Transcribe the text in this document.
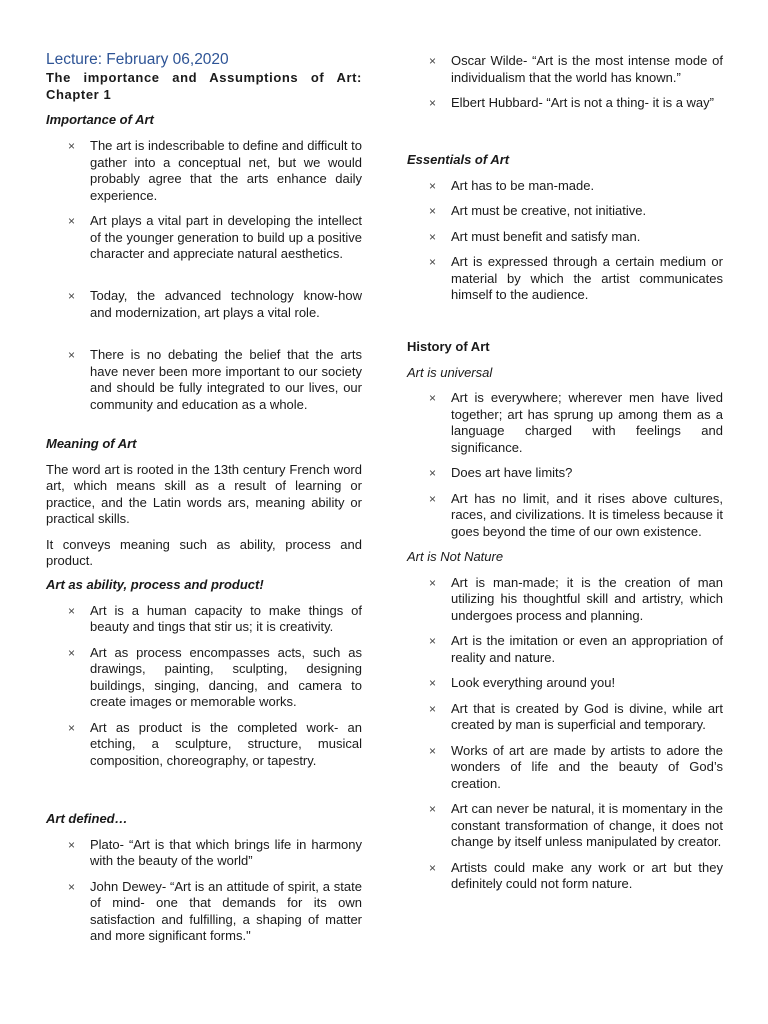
Lecture: February 06,2020

The importance and Assumptions of Art: Chapter 1

Importance of Art
× The art is indescribable to define and difficult to gather into a conceptual net, but we would probably agree that the arts enhance daily experience.
× Art plays a vital part in developing the intellect of the younger generation to build up a positive character and appreciate natural aesthetics.
× Today, the advanced technology know-how and modernization, art plays a vital role.
× There is no debating the belief that the arts have never been more important to our society and should be fully integrated to our lives, our community and education as a whole.
Meaning of Art

The word art is rooted in the 13th century French word art, which means skill as a result of learning or practice, and the Latin words ars, meaning ability or practical skills.

It conveys meaning such as ability, process and product.

Art as ability, process and product!
× Art is a human capacity to make things of beauty and tings that stir us; it is creativity.
× Art as process encompasses acts, such as drawings, painting, sculpting, designing buildings, singing, dancing, and camera to create images or memorable works.
× Art as product is the completed work- an etching, a sculpture, structure, musical composition, choreography, or tapestry.
Art defined…
× Plato- “Art is that which brings life in harmony with the beauty of the world”
× John Dewey- “Art is an attitude of spirit, a state of mind- one that demands for its own satisfaction and fulfilling, a shaping of matter and more significant forms."
× Oscar Wilde- “Art is the most intense mode of individualism that the world has known.”
× Elbert Hubbard- “Art is not a thing- it is a way”
Essentials of Art
× Art has to be man-made.
× Art must be creative, not initiative.
× Art must benefit and satisfy man.
× Art is expressed through a certain medium or material by which the artist communicates himself to the audience.
History of Art
Art is universal
× Art is everywhere; wherever men have lived together; art has sprung up among them as a language charged with feelings and significance.
× Does art have limits?
× Art has no limit, and it rises above cultures, races, and civilizations. It is timeless because it goes beyond the time of our own existence.
Art is Not Nature
× Art is man-made; it is the creation of man utilizing his thoughtful skill and artistry, which undergoes process and planning.
× Art is the imitation or even an appropriation of reality and nature.
× Look everything around you!
× Art that is created by God is divine, while art created by man is superficial and temporary.
× Works of art are made by artists to adore the wonders of life and the beauty of God’s creation.
× Art can never be natural, it is momentary in the constant transformation of change, it does not change by itself unless manipulated by creator.
× Artists could make any work or art but they definitely could not form nature.
